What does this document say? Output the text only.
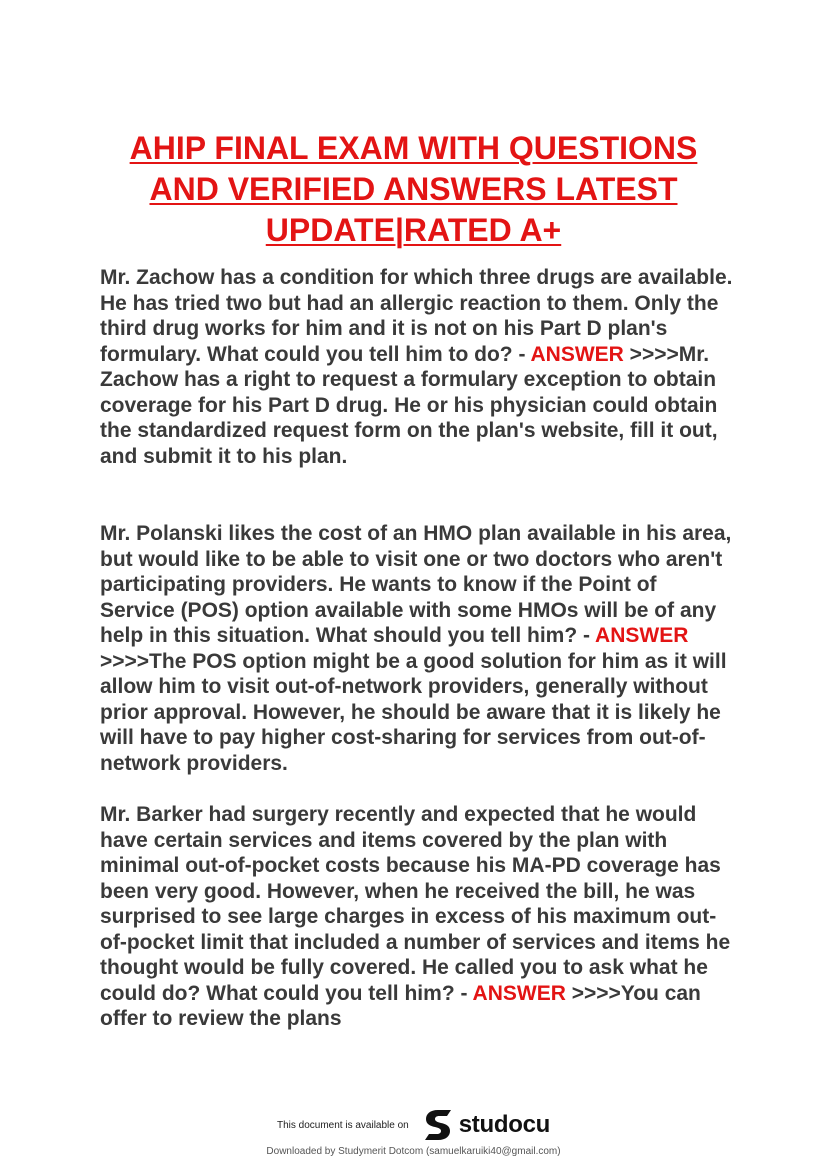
AHIP FINAL EXAM WITH QUESTIONS AND VERIFIED ANSWERS LATEST UPDATE|RATED A+
Mr. Zachow has a condition for which three drugs are available. He has tried two but had an allergic reaction to them. Only the third drug works for him and it is not on his Part D plan's formulary. What could you tell him to do? - ANSWER >>>>Mr. Zachow has a right to request a formulary exception to obtain coverage for his Part D drug. He or his physician could obtain the standardized request form on the plan's website, fill it out, and submit it to his plan.
Mr. Polanski likes the cost of an HMO plan available in his area, but would like to be able to visit one or two doctors who aren't participating providers. He wants to know if the Point of Service (POS) option available with some HMOs will be of any help in this situation. What should you tell him? - ANSWER >>>>The POS option might be a good solution for him as it will allow him to visit out-of-network providers, generally without prior approval. However, he should be aware that it is likely he will have to pay higher cost-sharing for services from out-of-network providers.
Mr. Barker had surgery recently and expected that he would have certain services and items covered by the plan with minimal out-of-pocket costs because his MA-PD coverage has been very good. However, when he received the bill, he was surprised to see large charges in excess of his maximum out-of-pocket limit that included a number of services and items he thought would be fully covered. He called you to ask what he could do? What could you tell him? - ANSWER >>>>You can offer to review the plans
This document is available on studocu
Downloaded by Studymerit Dotcom (samuelkaruiki40@gmail.com)
